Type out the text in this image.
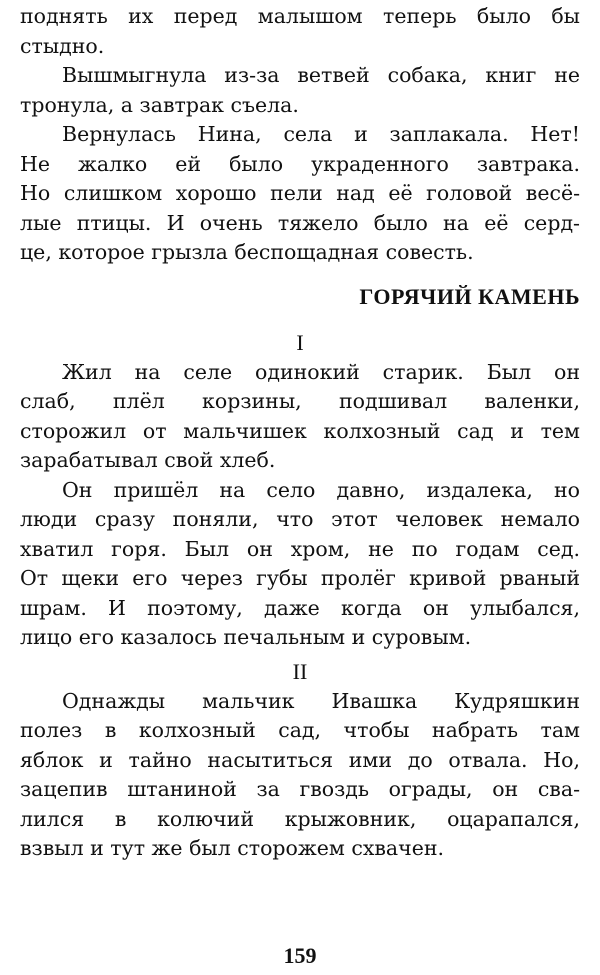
поднять их перед малышом теперь было бы
стыдно.
Вышмыгнула из-за ветвей собака, книг не
тронула, а завтрак съела.
Вернулась Нина, села и заплакала. Нет!
Не жалко ей было украденного завтрака.
Но слишком хорошо пели над её головой весё-
лые птицы. И очень тяжело было на её серд-
це, которое грызла беспощадная совесть.
ГОРЯЧИЙ КАМЕНЬ
I
Жил на селе одинокий старик. Был он
слаб, плёл корзины, подшивал валенки,
сторожил от мальчишек колхозный сад и тем
зарабатывал свой хлеб.
Он пришёл на село давно, издалека, но
люди сразу поняли, что этот человек немало
хватил горя. Был он хром, не по годам сед.
От щеки его через губы пролёг кривой рваный
шрам. И поэтому, даже когда он улыбался,
лицо его казалось печальным и суровым.
II
Однажды мальчик Ивашка Кудряшкин
полез в колхозный сад, чтобы набрать там
яблок и тайно насытиться ими до отвала. Но,
зацепив штаниной за гвоздь ограды, он сва-
лился в колючий крыжовник, оцарапался,
взвыл и тут же был сторожем схвачен.
159
